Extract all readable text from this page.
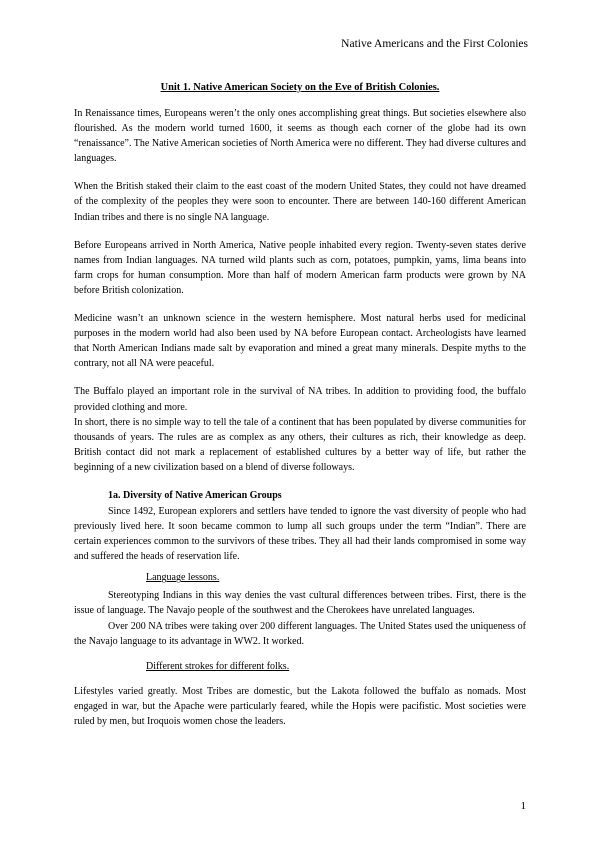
Native Americans and the First Colonies
Unit 1. Native American Society on the Eve of British Colonies.

In Renaissance times, Europeans weren’t the only ones accomplishing great things. But societies elsewhere also flourished. As the modern world turned 1600, it seems as though each corner of the globe had its own “renaissance”. The Native American societies of North America were no different. They had diverse cultures and languages.

When the British staked their claim to the east coast of the modern United States, they could not have dreamed of the complexity of the peoples they were soon to encounter. There are between 140-160 different American Indian tribes and there is no single NA language.

Before Europeans arrived in North America, Native people inhabited every region. Twenty-seven states derive names from Indian languages. NA turned wild plants such as corn, potatoes, pumpkin, yams, lima beans into farm crops for human consumption. More than half of modern American farm products were grown by NA before British colonization.

Medicine wasn’t an unknown science in the western hemisphere. Most natural herbs used for medicinal purposes in the modern world had also been used by NA before European contact. Archeologists have learned that North American Indians made salt by evaporation and mined a great many minerals. Despite myths to the contrary, not all NA were peaceful.

The Buffalo played an important role in the survival of NA tribes. In addition to providing food, the buffalo provided clothing and more.

In short, there is no simple way to tell the tale of a continent that has been populated by diverse communities for thousands of years. The rules are as complex as any others, their cultures as rich, their knowledge as deep. British contact did not mark a replacement of established cultures by a better way of life, but rather the beginning of a new civilization based on a blend of diverse followays.

1a. Diversity of Native American Groups

Since 1492, European explorers and settlers have tended to ignore the vast diversity of people who had previously lived here. It soon became common to lump all such groups under the term “Indian”. There are certain experiences common to the survivors of these tribes. They all had their lands compromised in some way and suffered the heads of reservation life.

Language lessons.

Stereotyping Indians in this way denies the vast cultural differences between tribes. First, there is the issue of language. The Navajo people of the southwest and the Cherokees have unrelated languages.

Over 200 NA tribes were taking over 200 different languages. The United States used the uniqueness of the Navajo language to its advantage in WW2. It worked.

Different strokes for different folks.

Lifestyles varied greatly. Most Tribes are domestic, but the Lakota followed the buffalo as nomads. Most engaged in war, but the Apache were particularly feared, while the Hopis were pacifistic. Most societies were ruled by men, but Iroquois women chose the leaders.

1
